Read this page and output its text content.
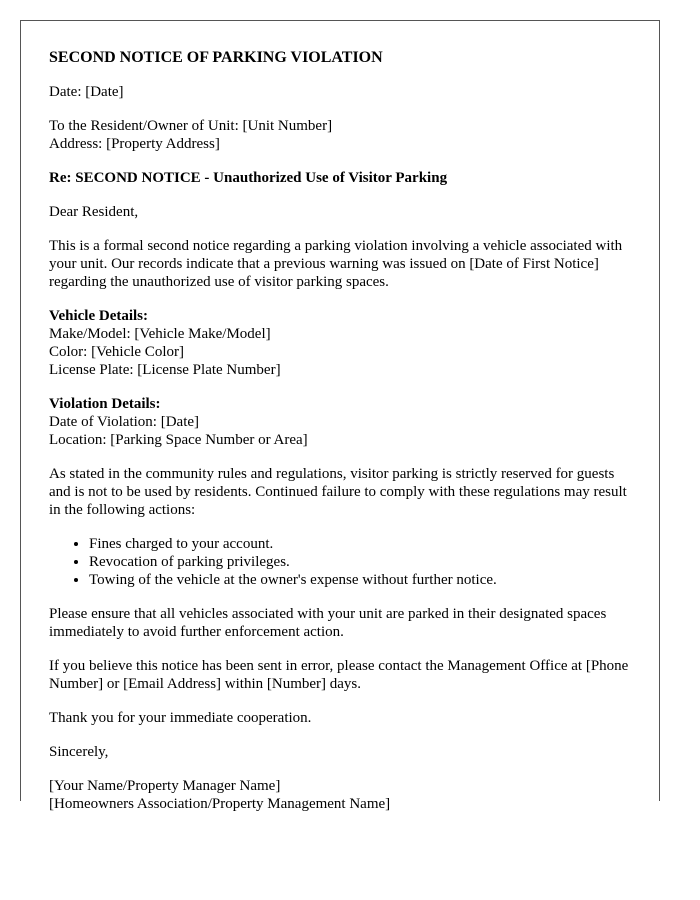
SECOND NOTICE OF PARKING VIOLATION

Date: [Date]

To the Resident/Owner of Unit: [Unit Number]
Address: [Property Address]

Re: SECOND NOTICE - Unauthorized Use of Visitor Parking

Dear Resident,

This is a formal second notice regarding a parking violation involving a vehicle associated with your unit. Our records indicate that a previous warning was issued on [Date of First Notice] regarding the unauthorized use of visitor parking spaces.

Vehicle Details:
Make/Model: [Vehicle Make/Model]
Color: [Vehicle Color]
License Plate: [License Plate Number]

Violation Details:
Date of Violation: [Date]
Location: [Parking Space Number or Area]

As stated in the community rules and regulations, visitor parking is strictly reserved for guests and is not to be used by residents. Continued failure to comply with these regulations may result in the following actions:

• Fines charged to your account.
• Revocation of parking privileges.
• Towing of the vehicle at the owner's expense without further notice.

Please ensure that all vehicles associated with your unit are parked in their designated spaces immediately to avoid further enforcement action.

If you believe this notice has been sent in error, please contact the Management Office at [Phone Number] or [Email Address] within [Number] days.

Thank you for your immediate cooperation.

Sincerely,

[Your Name/Property Manager Name]
[Homeowners Association/Property Management Name]
